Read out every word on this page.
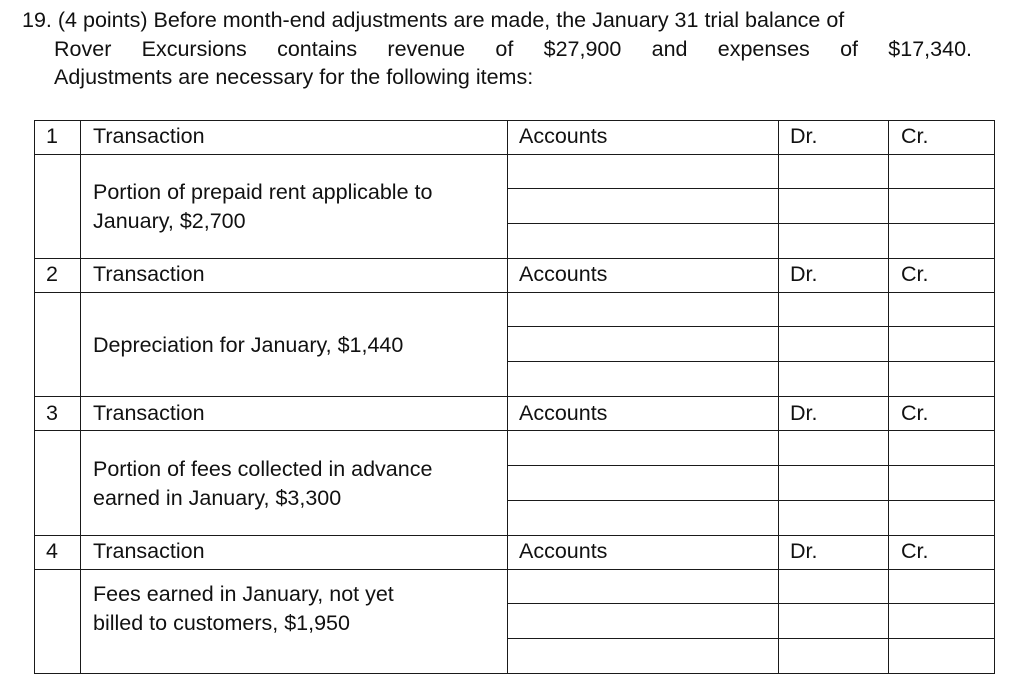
19. (4 points) Before month-end adjustments are made, the January 31 trial balance of
Rover Excursions contains revenue of $27,900 and expenses of $17,340.
Adjustments are necessary for the following items:
1 Transaction	Accounts	Dr.	Cr.
Portion of prepaid rent applicable to
January, $2,700
2 Transaction	Accounts	Dr.	Cr.
Depreciation for January, $1,440
3 Transaction	Accounts	Dr.	Cr.
Portion of fees collected in advance
earned in January, $3,300
4 Transaction	Accounts	Dr.	Cr.
Fees earned in January, not yet
billed to customers, $1,950
